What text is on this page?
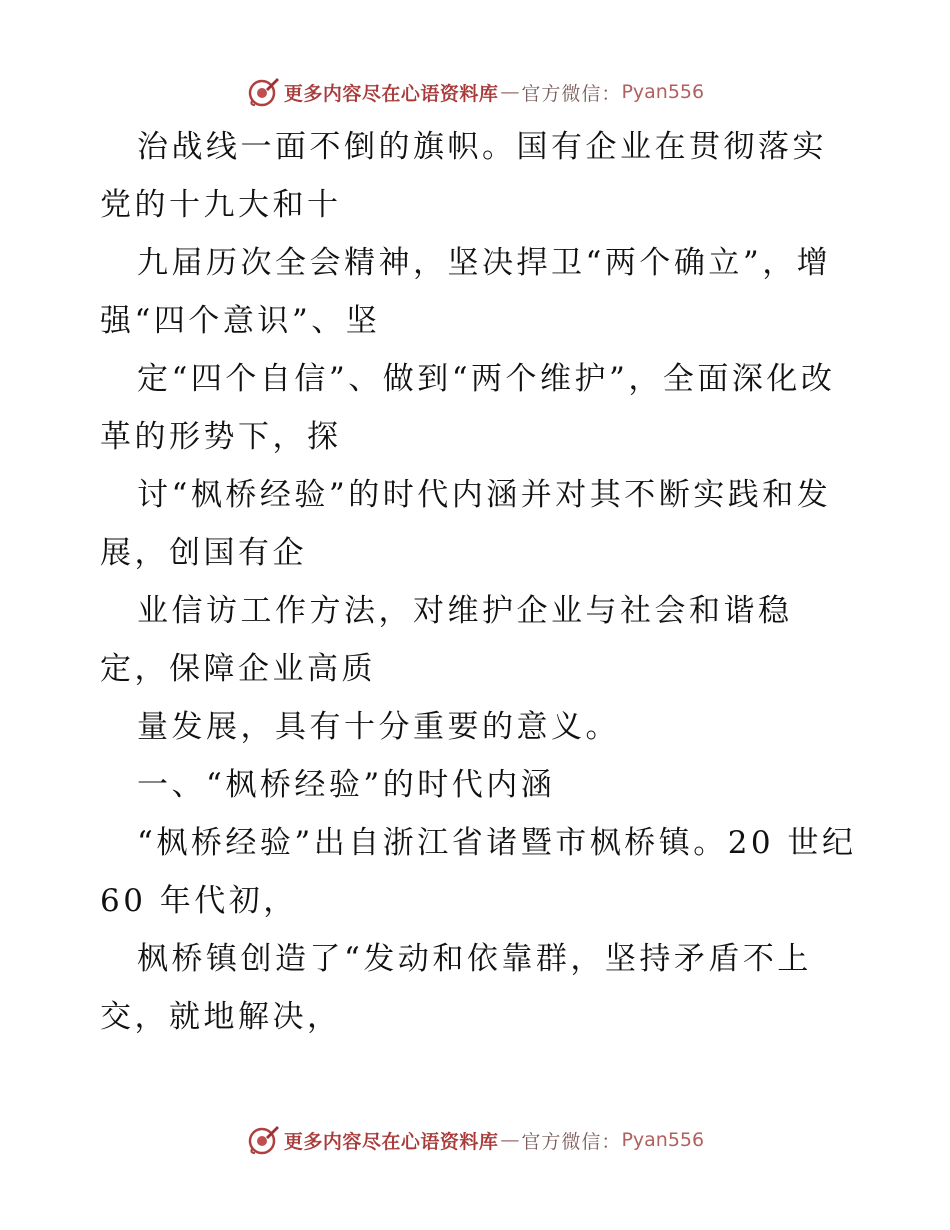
更多内容尽在心语资料库 — 官方微信： Pyan556

治战线一面不倒的旗帜。国有企业在贯彻落实党的十九大和十

九届历次全会精神，坚决捍卫“两个确立”，增强“四个意识”、坚

定“四个自信”、做到“两个维护”，全面深化改革的形势下，探

讨“枫桥经验”的时代内涵并对其不断实践和发展，创国有企

业信访工作方法，对维护企业与社会和谐稳定，保障企业高质

量发展，具有十分重要的意义。

一、“枫桥经验”的时代内涵

“枫桥经验”出自浙江省诸暨市枫桥镇。20 世纪 60 年代初，

枫桥镇创造了“发动和依靠群，坚持矛盾不上交，就地解决，

更多内容尽在心语资料库 — 官方微信： Pyan556
